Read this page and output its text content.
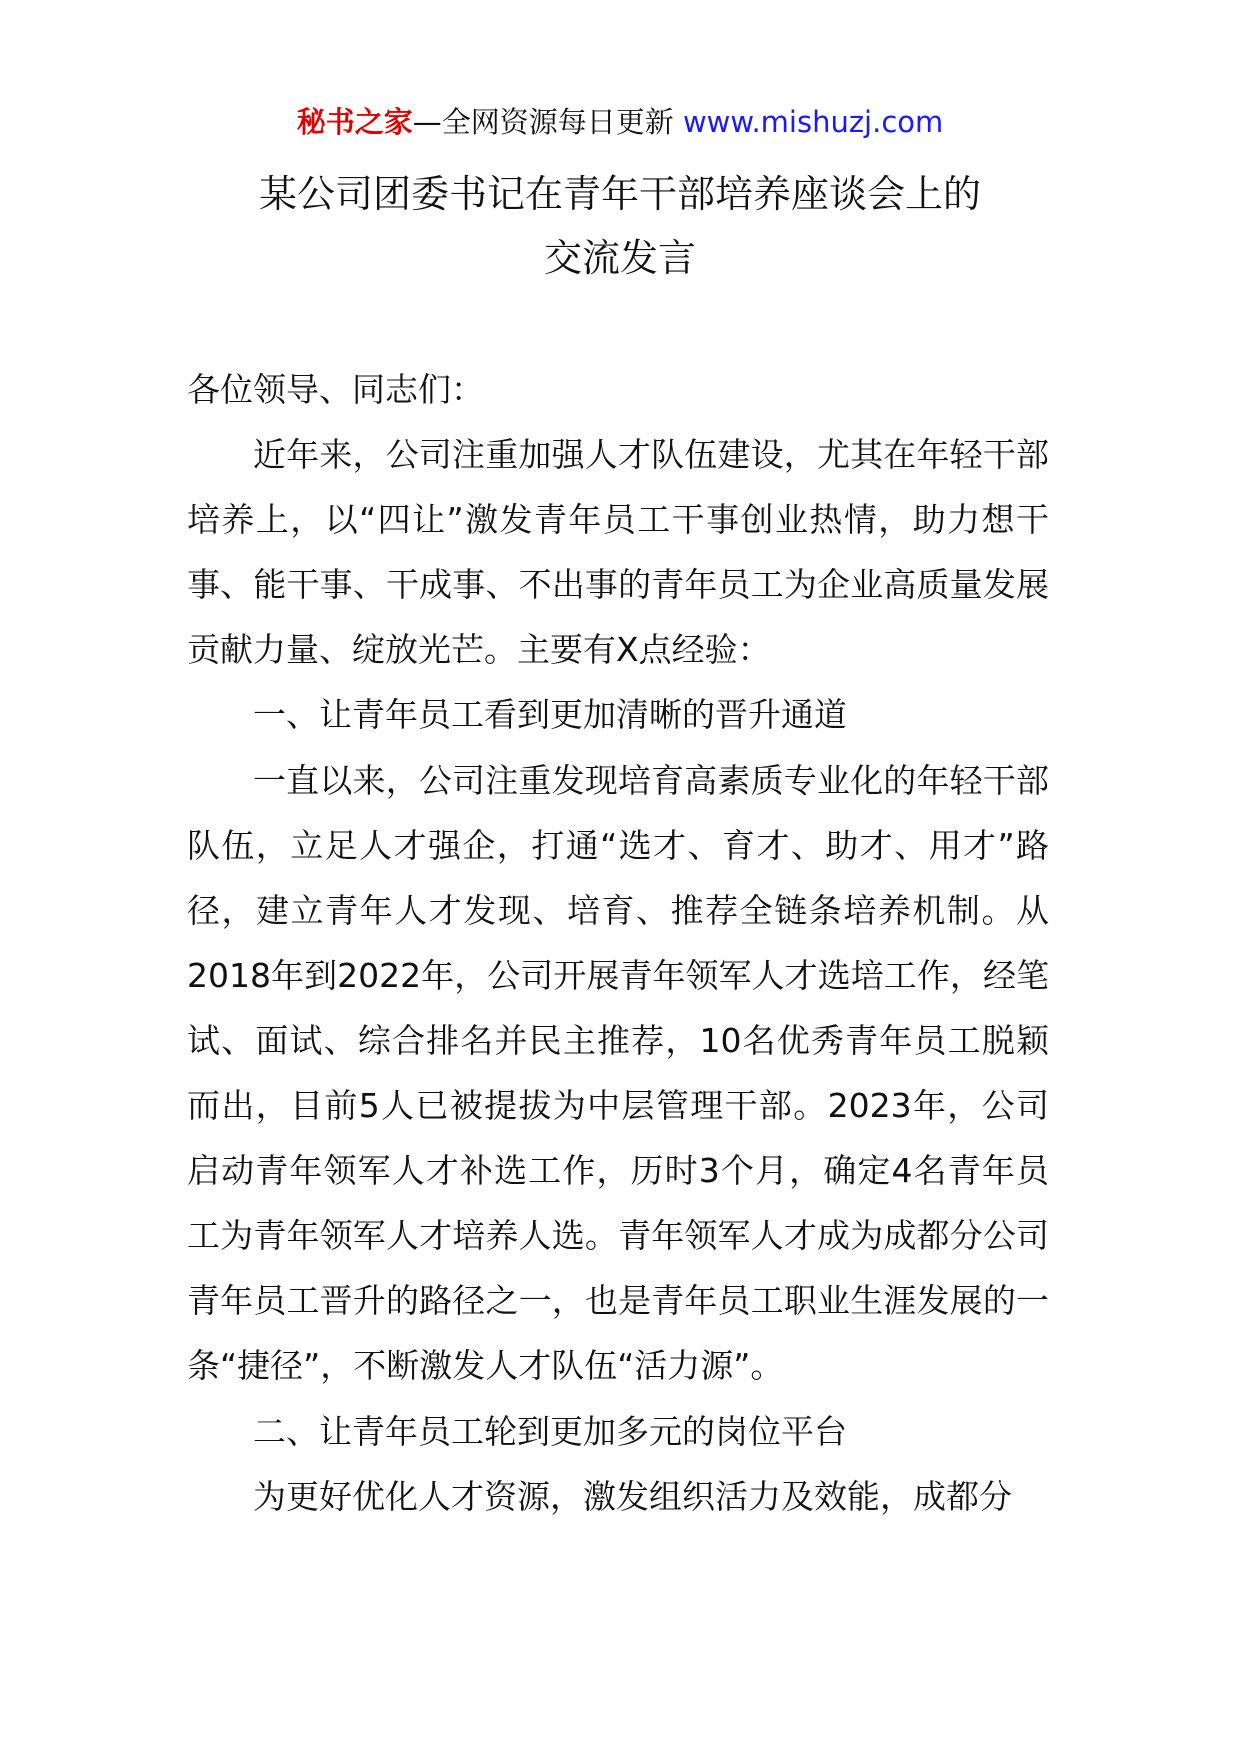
秘书之家—全网资源每日更新 www.mishuzj.com
某公司团委书记在青年干部培养座谈会上的
交流发言

各位领导、同志们：

近年来，公司注重加强人才队伍建设，尤其在年轻干部培养上，以“四让”激发青年员工干事创业热情，助力想干事、能干事、干成事、不出事的青年员工为企业高质量发展贡献力量、绽放光芒。主要有X点经验：

一、让青年员工看到更加清晰的晋升通道

一直以来，公司注重发现培育高素质专业化的年轻干部队伍，立足人才强企，打通“选才、育才、助才、用才”路径，建立青年人才发现、培育、推荐全链条培养机制。从2018年到2022年，公司开展青年领军人才选培工作，经笔试、面试、综合排名并民主推荐，10名优秀青年员工脱颖而出，目前5人已被提拔为中层管理干部。2023年，公司启动青年领军人才补选工作，历时3个月，确定4名青年员工为青年领军人才培养人选。青年领军人才成为成都分公司青年员工晋升的路径之一，也是青年员工职业生涯发展的一条“捷径”，不断激发人才队伍“活力源”。

二、让青年员工轮到更加多元的岗位平台

为更好优化人才资源，激发组织活力及效能，成都分
